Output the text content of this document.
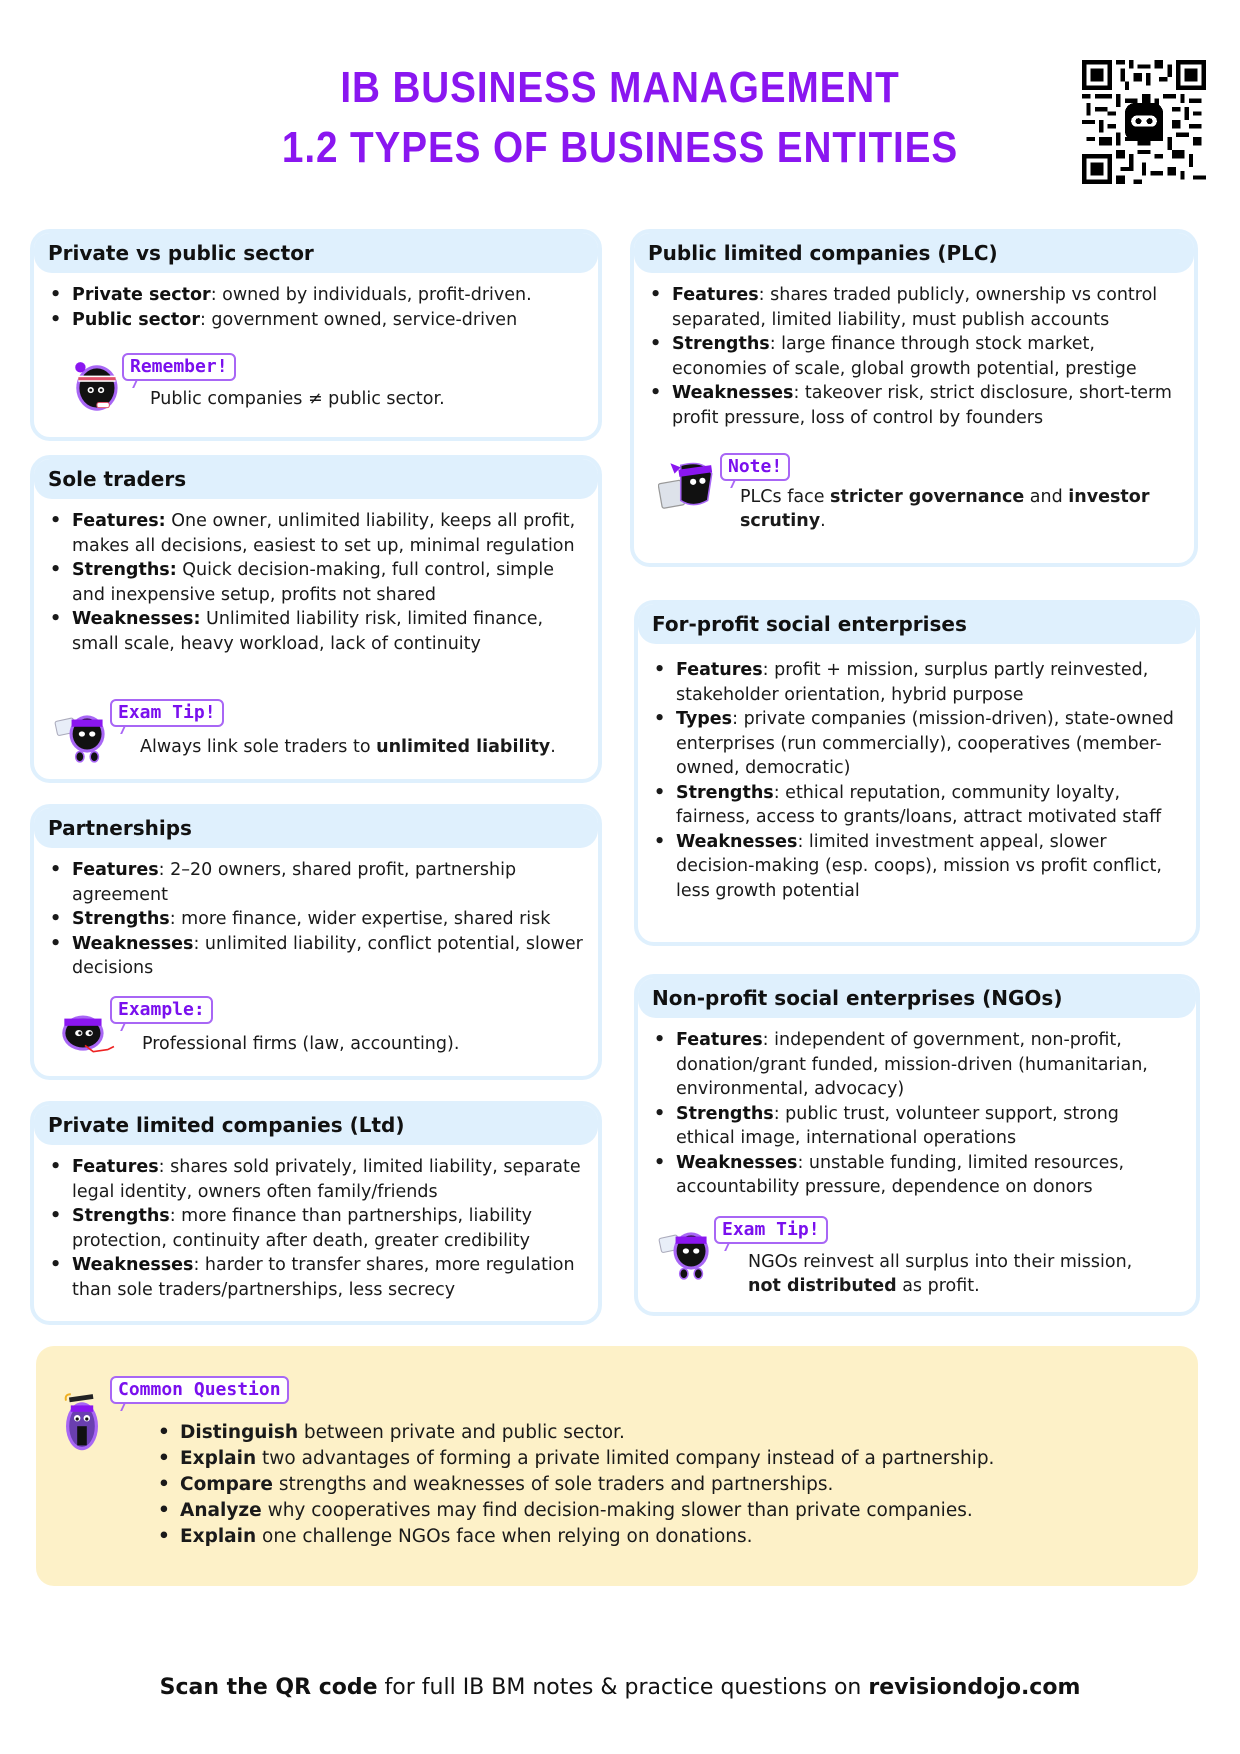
IB BUSINESS MANAGEMENT
1.2 TYPES OF BUSINESS ENTITIES
Private vs public sector
• Private sector: owned by individuals, profit-driven.
• Public sector: government owned, service-driven
Remember!
Public companies ≠ public sector.
Sole traders
• Features: One owner, unlimited liability, keeps all profit, makes all decisions, easiest to set up, minimal regulation
• Strengths: Quick decision-making, full control, simple and inexpensive setup, profits not shared
• Weaknesses: Unlimited liability risk, limited finance, small scale, heavy workload, lack of continuity
Exam Tip!
Always link sole traders to unlimited liability.
Partnerships
• Features: 2–20 owners, shared profit, partnership agreement
• Strengths: more finance, wider expertise, shared risk
• Weaknesses: unlimited liability, conflict potential, slower decisions
Example:
Professional firms (law, accounting).
Private limited companies (Ltd)
• Features: shares sold privately, limited liability, separate legal identity, owners often family/friends
• Strengths: more finance than partnerships, liability protection, continuity after death, greater credibility
• Weaknesses: harder to transfer shares, more regulation than sole traders/partnerships, less secrecy
Public limited companies (PLC)
• Features: shares traded publicly, ownership vs control separated, limited liability, must publish accounts
• Strengths: large finance through stock market, economies of scale, global growth potential, prestige
• Weaknesses: takeover risk, strict disclosure, short-term profit pressure, loss of control by founders
Note!
PLCs face stricter governance and investor scrutiny.
For-profit social enterprises
• Features: profit + mission, surplus partly reinvested, stakeholder orientation, hybrid purpose
• Types: private companies (mission-driven), state-owned enterprises (run commercially), cooperatives (member-owned, democratic)
• Strengths: ethical reputation, community loyalty, fairness, access to grants/loans, attract motivated staff
• Weaknesses: limited investment appeal, slower decision-making (esp. coops), mission vs profit conflict, less growth potential
Non-profit social enterprises (NGOs)
• Features: independent of government, non-profit, donation/grant funded, mission-driven (humanitarian, environmental, advocacy)
• Strengths: public trust, volunteer support, strong ethical image, international operations
• Weaknesses: unstable funding, limited resources, accountability pressure, dependence on donors
Exam Tip!
NGOs reinvest all surplus into their mission, not distributed as profit.
Common Question
• Distinguish between private and public sector.
• Explain two advantages of forming a private limited company instead of a partnership.
• Compare strengths and weaknesses of sole traders and partnerships.
• Analyze why cooperatives may find decision-making slower than private companies.
• Explain one challenge NGOs face when relying on donations.
Scan the QR code for full IB BM notes & practice questions on revisiondojo.com
